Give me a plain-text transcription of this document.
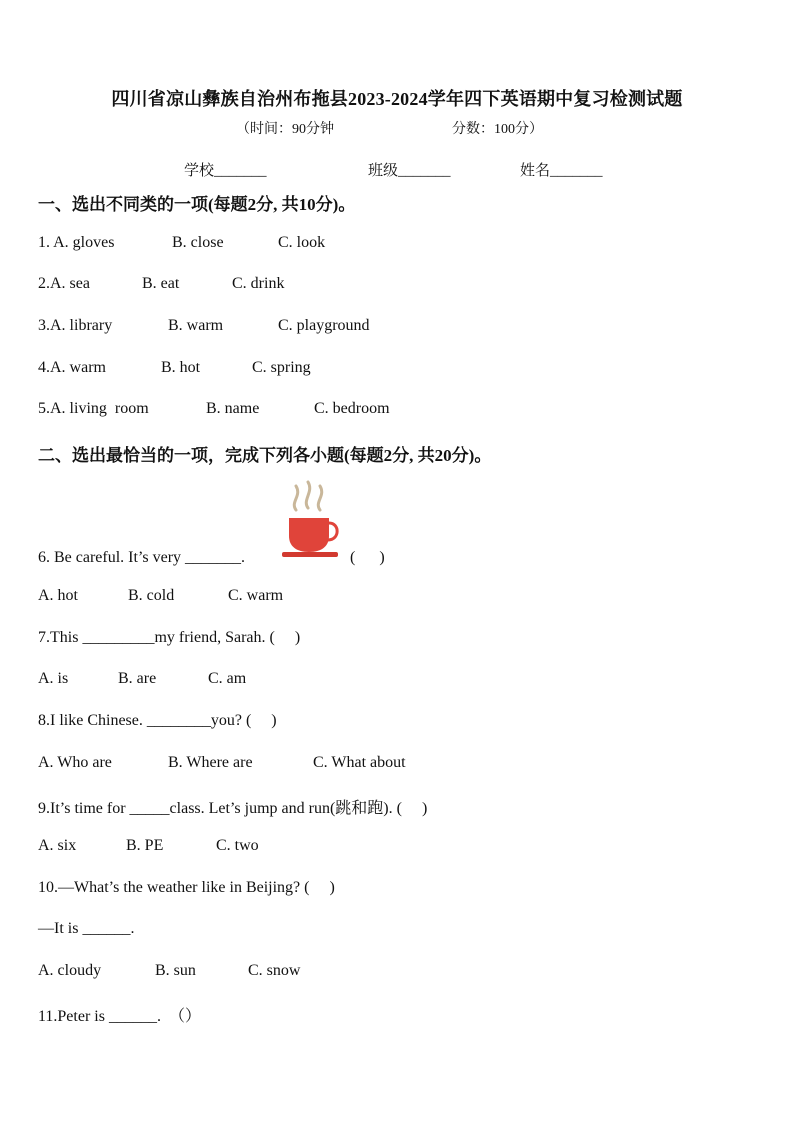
四川省凉山彝族自治州布拖县2023-2024学年四下英语期中复习检测试题
（时间：90分钟	分数：100分）
学校_______	班级_______	姓名_______
一、选出不同类的一项(每题2分, 共10分)。
1. A. gloves	B. close	C. look
2.A. sea	B. eat	C. drink
3.A. library	B. warm	C. playground
4.A. warm	B. hot	C. spring
5.A. living  room	B. name	C. bedroom
二、选出最恰当的一项，完成下列各小题(每题2分, 共20分)。
6. Be careful. It’s very _______.	(      )
A. hot	B. cold	C. warm
7.This _________my friend, Sarah. (     )
A. is	B. are	C. am
8.I like Chinese. ________you? (     )
A. Who are	B. Where are	C. What about
9.It’s time for _____class. Let’s jump and run(跳和跑). (     )
A. six	B. PE	C. two
10.—What’s the weather like in Beijing? (     )
—It is ______.
A. cloudy	B. sun	C. snow
11.Peter is ______.  （）
